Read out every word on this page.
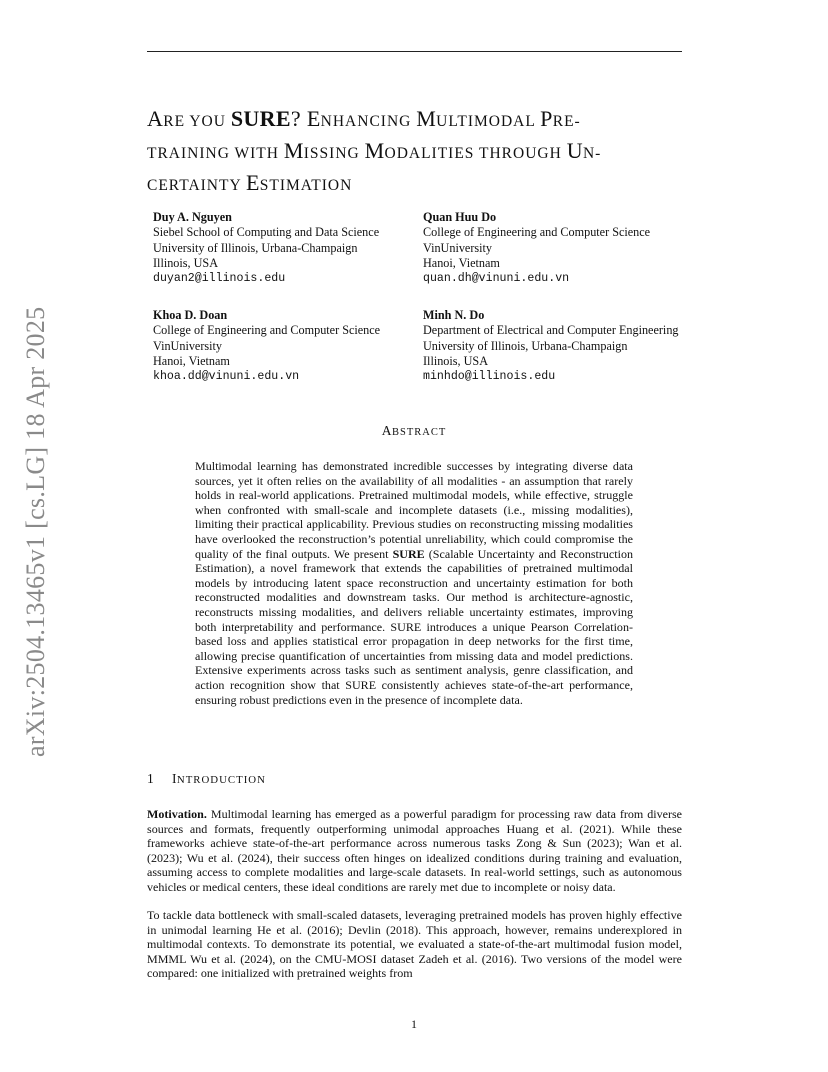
arXiv:2504.13465v1 [cs.LG] 18 Apr 2025
ARE YOU SURE? ENHANCING MULTIMODAL PRE-
TRAINING WITH MISSING MODALITIES THROUGH UN-
CERTAINTY ESTIMATION
Duy A. Nguyen
Siebel School of Computing and Data Science
University of Illinois, Urbana-Champaign
Illinois, USA
duyan2@illinois.edu
Quan Huu Do
College of Engineering and Computer Science
VinUniversity
Hanoi, Vietnam
quan.dh@vinuni.edu.vn
Khoa D. Doan
College of Engineering and Computer Science
VinUniversity
Hanoi, Vietnam
khoa.dd@vinuni.edu.vn
Minh N. Do
Department of Electrical and Computer Engineering
University of Illinois, Urbana-Champaign
Illinois, USA
minhdo@illinois.edu
ABSTRACT
Multimodal learning has demonstrated incredible successes by integrating diverse data sources, yet it often relies on the availability of all modalities - an assumption that rarely holds in real-world applications. Pretrained multimodal models, while effective, struggle when confronted with small-scale and incomplete datasets (i.e., missing modalities), limiting their practical applicability. Previous studies on reconstructing missing modalities have overlooked the reconstruction’s potential unreliability, which could compromise the quality of the final outputs. We present SURE (Scalable Uncertainty and Reconstruction Estimation), a novel framework that extends the capabilities of pretrained multimodal models by introducing latent space reconstruction and uncertainty estimation for both reconstructed modalities and downstream tasks. Our method is architecture-agnostic, reconstructs missing modalities, and delivers reliable uncertainty estimates, improving both interpretability and performance. SURE introduces a unique Pearson Correlation-based loss and applies statistical error propagation in deep networks for the first time, allowing precise quantification of uncertainties from missing data and model predictions. Extensive experiments across tasks such as sentiment analysis, genre classification, and action recognition show that SURE consistently achieves state-of-the-art performance, ensuring robust predictions even in the presence of incomplete data.
1 INTRODUCTION
Motivation. Multimodal learning has emerged as a powerful paradigm for processing raw data from diverse sources and formats, frequently outperforming unimodal approaches Huang et al. (2021). While these frameworks achieve state-of-the-art performance across numerous tasks Zong & Sun (2023); Wan et al. (2023); Wu et al. (2024), their success often hinges on idealized conditions during training and evaluation, assuming access to complete modalities and large-scale datasets. In real-world settings, such as autonomous vehicles or medical centers, these ideal conditions are rarely met due to incomplete or noisy data.
To tackle data bottleneck with small-scaled datasets, leveraging pretrained models has proven highly effective in unimodal learning He et al. (2016); Devlin (2018). This approach, however, remains underexplored in multimodal contexts. To demonstrate its potential, we evaluated a state-of-the-art multimodal fusion model, MMML Wu et al. (2024), on the CMU-MOSI dataset Zadeh et al. (2016). Two versions of the model were compared: one initialized with pretrained weights from
1
